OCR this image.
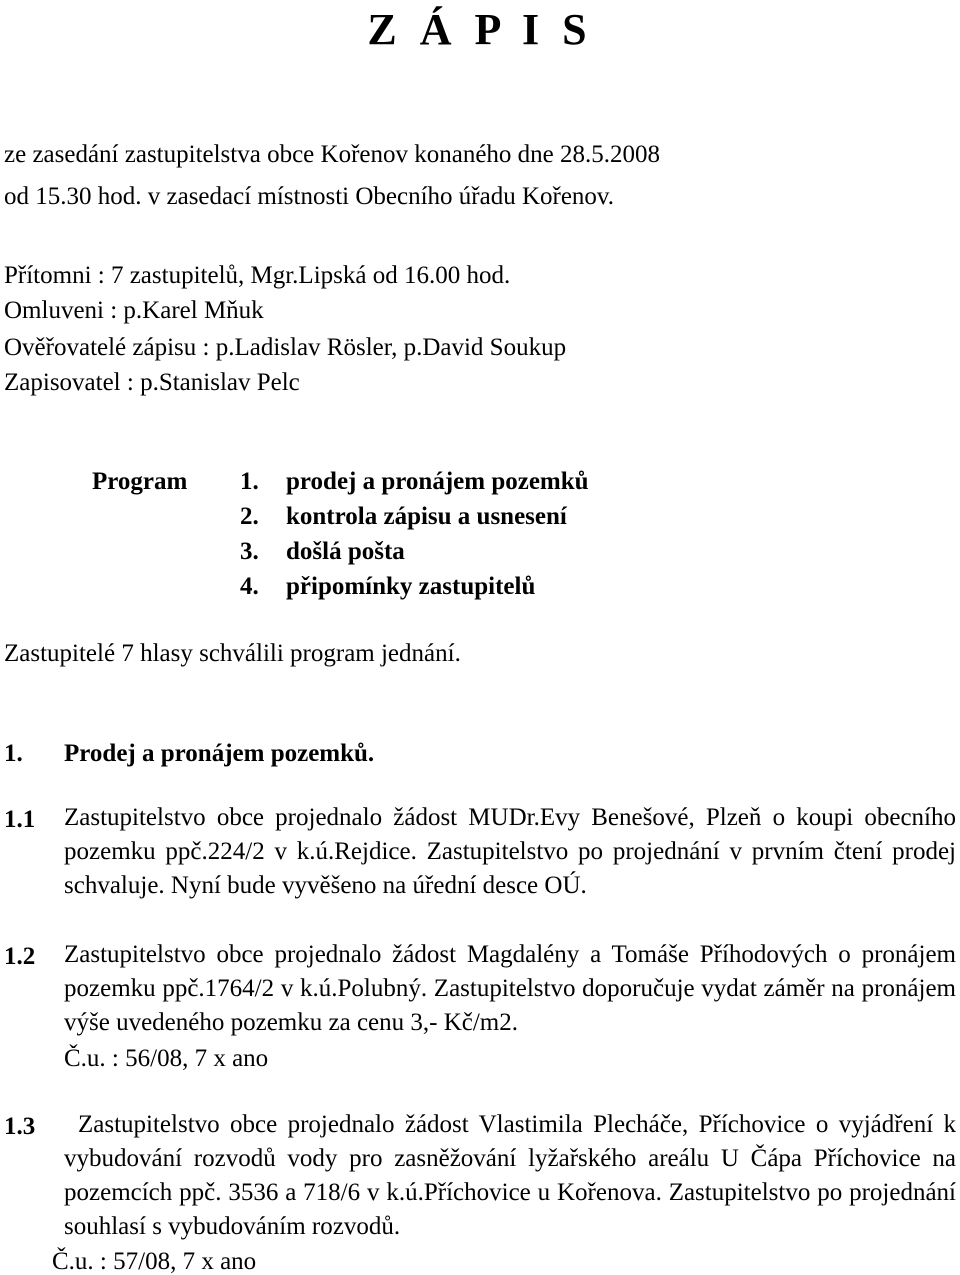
Z Á P I S
ze zasedání zastupitelstva obce Kořenov konaného dne 28.5.2008
od 15.30 hod. v zasedací místnosti Obecního úřadu Kořenov.
Přítomni : 7 zastupitelů, Mgr.Lipská od 16.00 hod.
Omluveni : p.Karel Mňuk
Ověřovatelé zápisu : p.Ladislav Rösler, p.David Soukup
Zapisovatel : p.Stanislav Pelc
Program 1. prodej a pronájem pozemků
2. kontrola zápisu a usnesení
3. došlá pošta
4. připomínky zastupitelů
Zastupitelé 7 hlasy schválili program jednání.
1. Prodej a pronájem pozemků.
1.1 Zastupitelstvo obce projednalo žádost MUDr.Evy Benešové, Plzeň o koupi obecního pozemku ppč.224/2 v k.ú.Rejdice. Zastupitelstvo po projednání v prvním čtení prodej schvaluje. Nyní bude vyvěšeno na úřední desce OÚ.
1.2 Zastupitelstvo obce projednalo žádost Magdalény a Tomáše Příhodových o pronájem pozemku ppč.1764/2 v k.ú.Polubný. Zastupitelstvo doporučuje vydat záměr na pronájem výše uvedeného pozemku za cenu 3,- Kč/m2.
Č.u. : 56/08, 7 x ano
1.3	Zastupitelstvo obce projednalo žádost Vlastimila Plecháče, Příchovice o vyjádření k vybudování rozvodů vody pro zasněžování lyžařského areálu U Čápa Příchovice na pozemcích ppč. 3536 a 718/6 v k.ú.Příchovice u Kořenova. Zastupitelstvo po projednání souhlasí s vybudováním rozvodů.
Č.u. : 57/08, 7 x ano
